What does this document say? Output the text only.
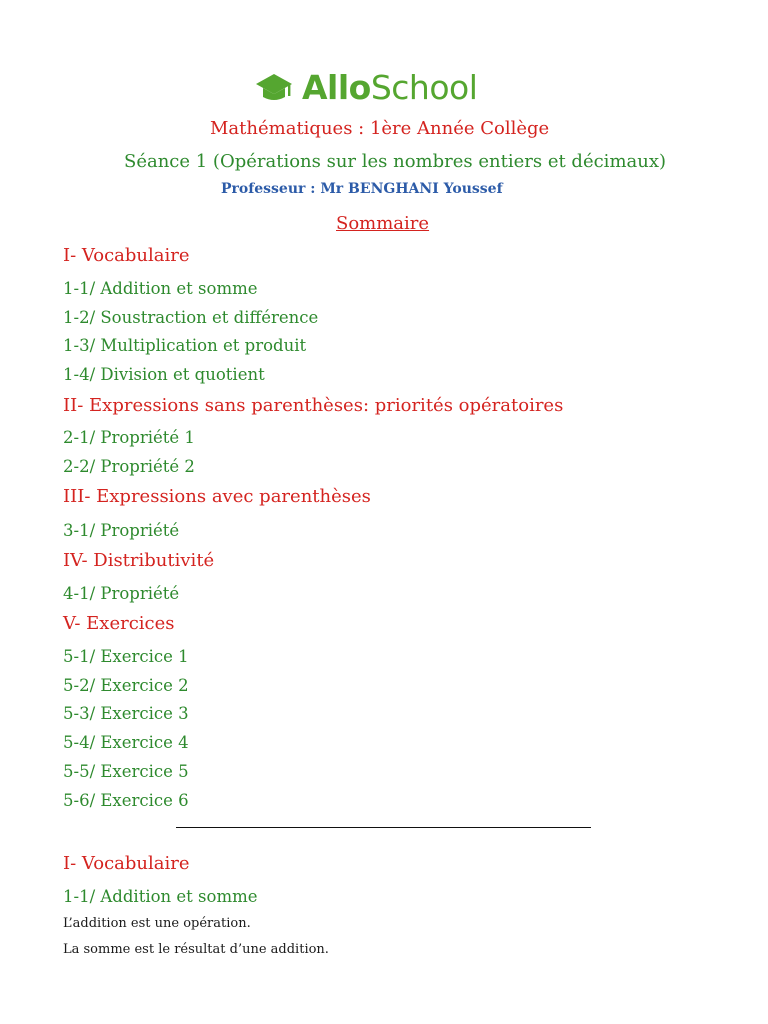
AlloSchool
Mathématiques : 1ère Année Collège
Séance 1 (Opérations sur les nombres entiers et décimaux)
Professeur : Mr BENGHANI Youssef
Sommaire
I- Vocabulaire
1-1/ Addition et somme
1-2/ Soustraction et différence
1-3/ Multiplication et produit
1-4/ Division et quotient
II- Expressions sans parenthèses: priorités opératoires
2-1/ Propriété 1
2-2/ Propriété 2
III- Expressions avec parenthèses
3-1/ Propriété
IV- Distributivité
4-1/ Propriété
V- Exercices
5-1/ Exercice 1
5-2/ Exercice 2
5-3/ Exercice 3
5-4/ Exercice 4
5-5/ Exercice 5
5-6/ Exercice 6
I- Vocabulaire
1-1/ Addition et somme
L’addition est une opération.
La somme est le résultat d’une addition.
